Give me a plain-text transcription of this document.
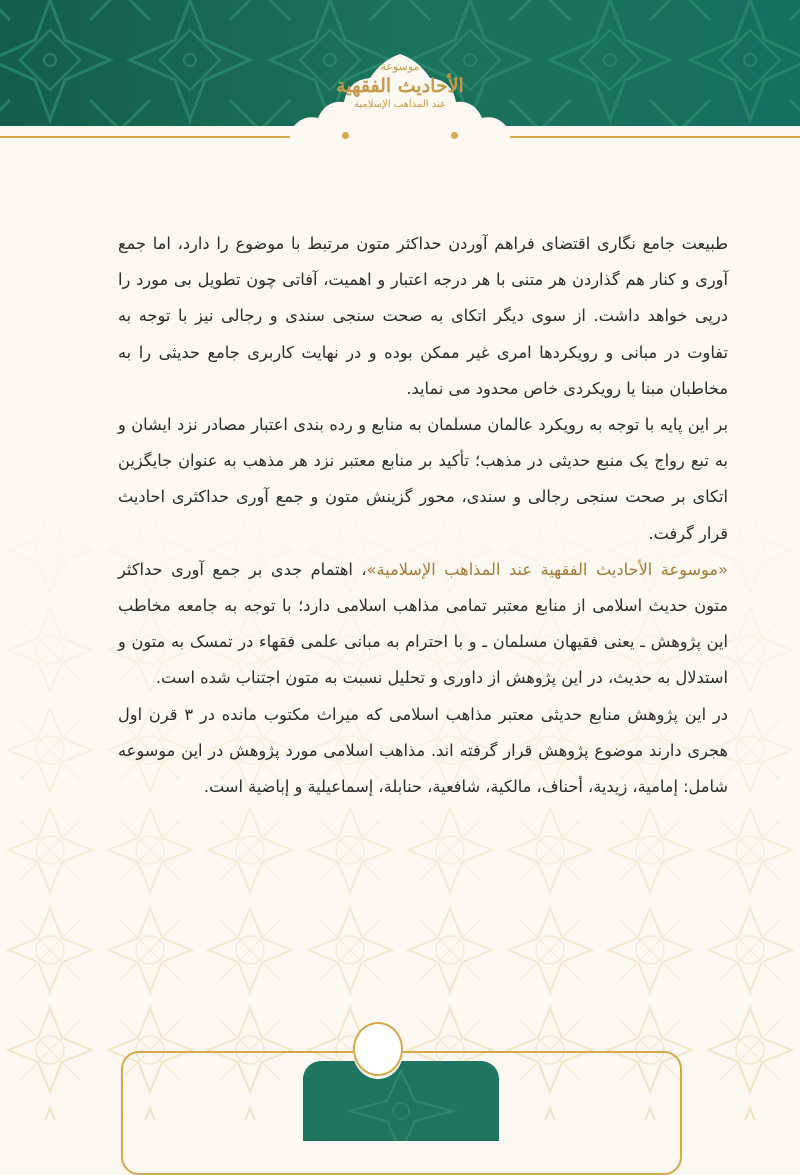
موسوعة
الأحاديث الفقهية
عند المذاهب الإسلامية

طبیعت جامع نگاری اقتضای فراهم آوردن حداکثر متون مرتبط با موضوع را دارد، اما جمع آوری و کنار هم گذاردن هر متنی با هر درجه اعتبار و اهمیت، آفاتی چون تطویل بی مورد را درپی خواهد داشت. از سوی دیگر اتکای به صحت سنجی سندی و رجالی نیز با توجه به تفاوت در مبانی و رویکردها امری غیر ممکن بوده و در نهایت کاربری جامع حدیثی را به مخاطبان مبنا یا رویکردی خاص محدود می نماید.

بر این پایه با توجه به رویکرد عالمان مسلمان به منابع و رده بندی اعتبار مصادر نزد ایشان و به تبع رواج یک منبع حدیثی در مذهب؛ تأکید بر منابع معتبر نزد هر مذهب به عنوان جایگزین اتکای بر صحت سنجی رجالی و سندی، محور گزینش متون و جمع آوری حداکثری احادیث قرار گرفت.

«موسوعة الأحاديث الفقهية عند المذاهب الإسلامية»، اهتمام جدی بر جمع آوری حداکثر متون حدیث اسلامی از منابع معتبر تمامی مذاهب اسلامی دارد؛ با توجه به جامعه مخاطب این پژوهش ـ یعنی فقیهان مسلمان ـ و با احترام به مبانی علمی فقهاء در تمسک به متون و استدلال به حدیث، در این پژوهش از داوری و تحلیل نسبت به متون اجتناب شده است.

در این پژوهش منابع حدیثی معتبر مذاهب اسلامی که میراث مکتوب مانده در ۳ قرن اول هجری دارند موضوع پژوهش قرار گرفته اند. مذاهب اسلامی مورد پژوهش در این موسوعه شامل: إمامیة، زیدیة، أحناف، مالکیة، شافعیة، حنابلة، إسماعیلیة و إباضیة است.
